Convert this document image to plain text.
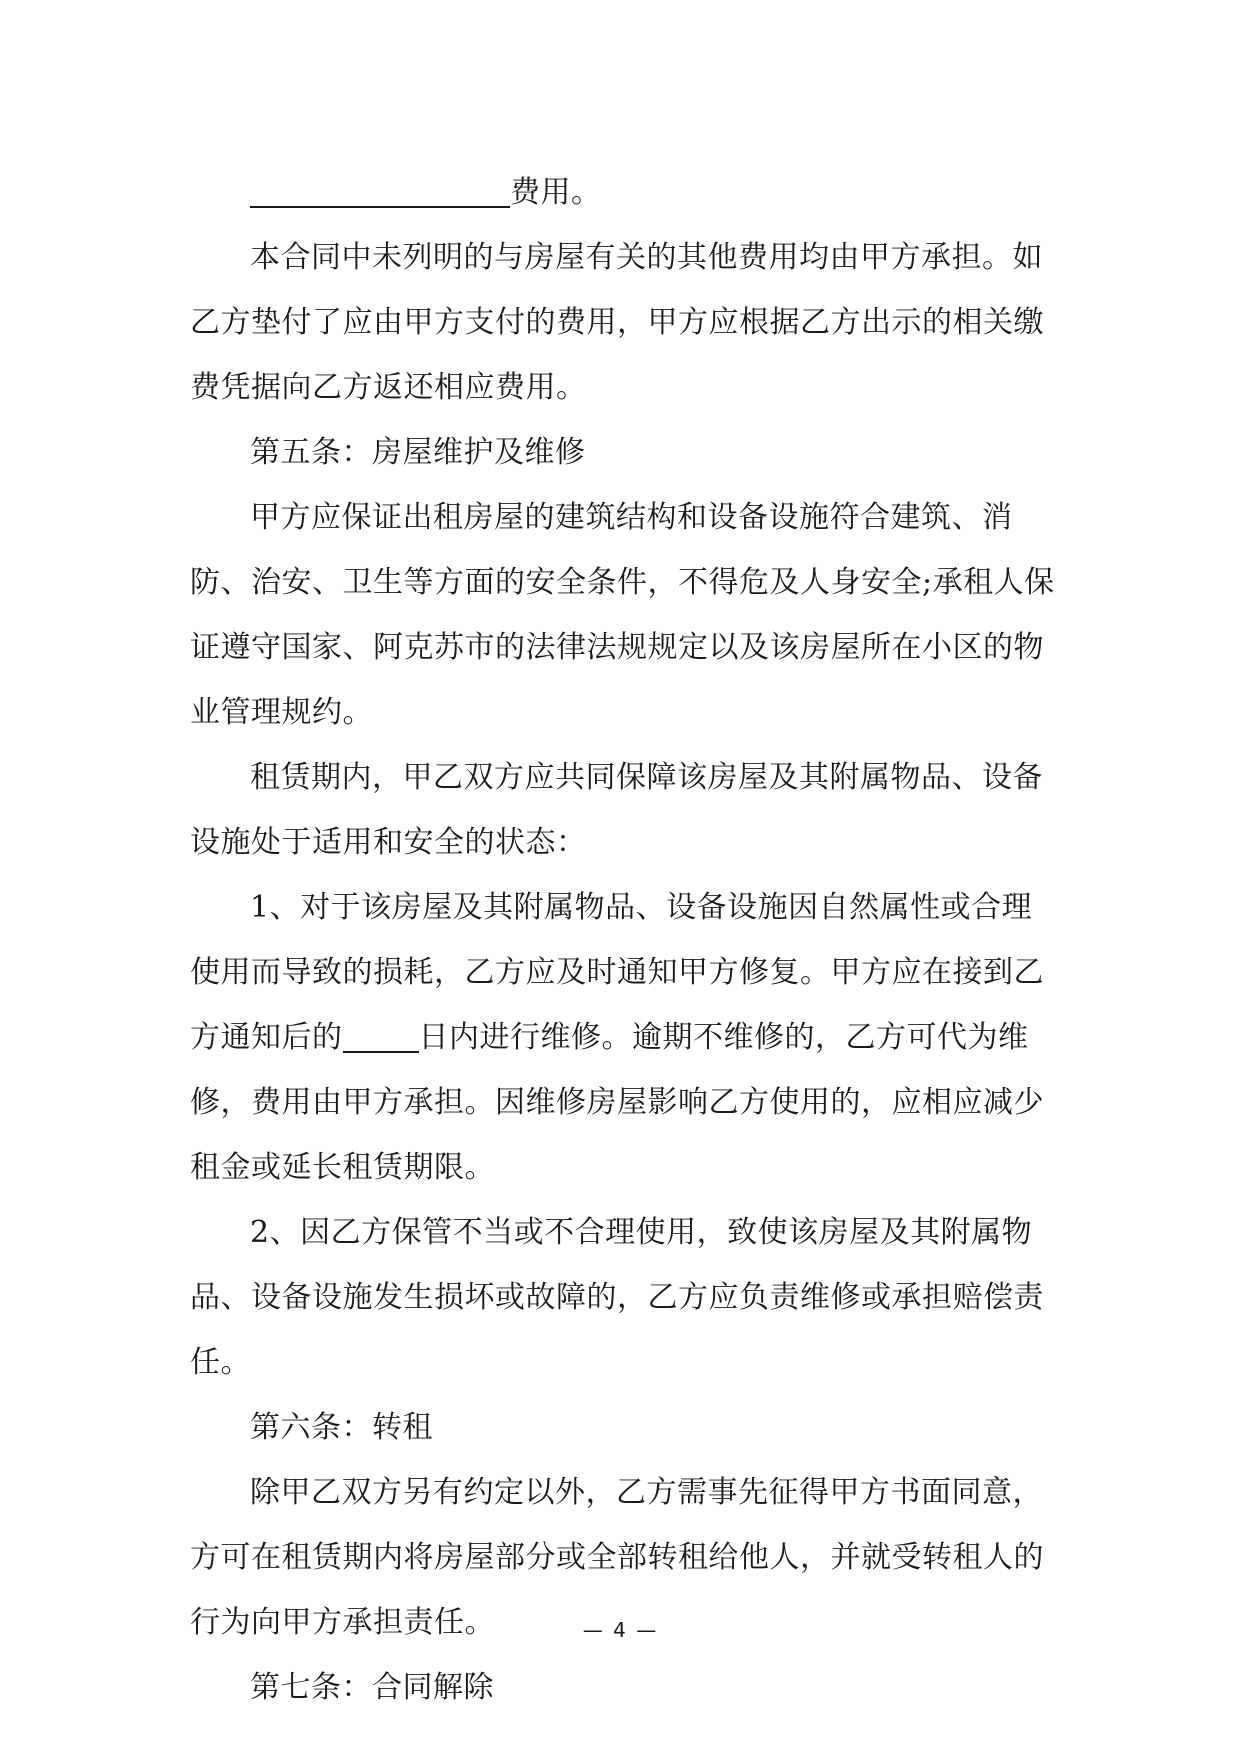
费用。

本合同中未列明的与房屋有关的其他费用均由甲方承担。如乙方垫付了应由甲方支付的费用，甲方应根据乙方出示的相关缴费凭据向乙方返还相应费用。

第五条：房屋维护及维修

甲方应保证出租房屋的建筑结构和设备设施符合建筑、消防、治安、卫生等方面的安全条件，不得危及人身安全;承租人保证遵守国家、阿克苏市的法律法规规定以及该房屋所在小区的物业管理规约。

租赁期内，甲乙双方应共同保障该房屋及其附属物品、设备设施处于适用和安全的状态：

1、对于该房屋及其附属物品、设备设施因自然属性或合理使用而导致的损耗，乙方应及时通知甲方修复。甲方应在接到乙方通知后的	日内进行维修。逾期不维修的，乙方可代为维修，费用由甲方承担。因维修房屋影响乙方使用的，应相应减少租金或延长租赁期限。

2、因乙方保管不当或不合理使用，致使该房屋及其附属物品、设备设施发生损坏或故障的，乙方应负责维修或承担赔偿责任。

第六条：转租

除甲乙双方另有约定以外，乙方需事先征得甲方书面同意，方可在租赁期内将房屋部分或全部转租给他人，并就受转租人的行为向甲方承担责任。

第七条：合同解除

— 4 —
